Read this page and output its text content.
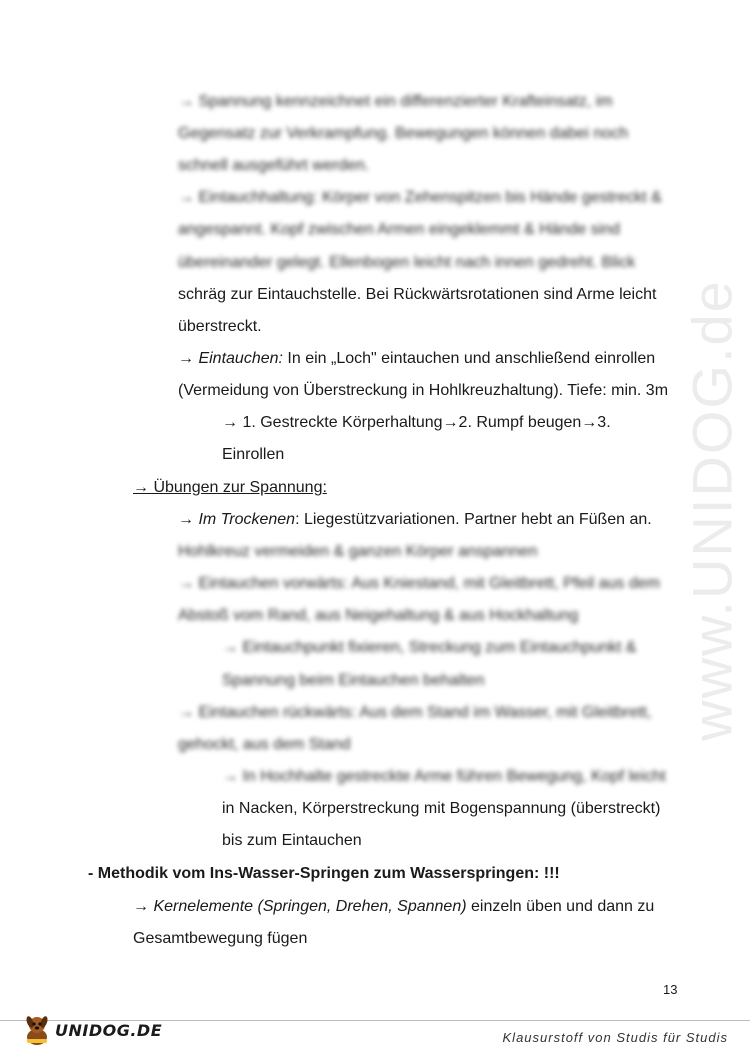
www.UNIDOG.de
→ Spannung kennzeichnet ein differenzierter Krafteinsatz, im
Gegensatz zur Verkrampfung. Bewegungen können dabei noch
schnell ausgeführt werden.
→ Eintauchhaltung: Körper von Zehenspitzen bis Hände gestreckt &
angespannt. Kopf zwischen Armen eingeklemmt & Hände sind
übereinander gelegt. Ellenbogen leicht nach innen gedreht. Blick
schräg zur Eintauchstelle. Bei Rückwärtsrotationen sind Arme leicht
überstreckt.
→ Eintauchen: In ein „Loch" eintauchen und anschließend einrollen
(Vermeidung von Überstreckung in Hohlkreuzhaltung). Tiefe: min. 3m
→ 1. Gestreckte Körperhaltung→2. Rumpf beugen→3.
Einrollen
→ Übungen zur Spannung:
→ Im Trockenen: Liegestützvariationen. Partner hebt an Füßen an.
Hohlkreuz vermeiden & ganzen Körper anspannen
→ Eintauchen vorwärts: Aus Kniestand, mit Gleitbrett, Pfeil aus dem
Abstoß vom Rand, aus Neigehaltung & aus Hockhaltung
→ Eintauchpunkt fixieren, Streckung zum Eintauchpunkt &
Spannung beim Eintauchen behalten
→ Eintauchen rückwärts: Aus dem Stand im Wasser, mit Gleitbrett,
gehockt, aus dem Stand
→ In Hochhalte gestreckte Arme führen Bewegung, Kopf leicht
in Nacken, Körperstreckung mit Bogenspannung (überstreckt)
bis zum Eintauchen
- Methodik vom Ins-Wasser-Springen zum Wasserspringen: !!!
→ Kernelemente (Springen, Drehen, Spannen) einzeln üben und dann zu
Gesamtbewegung fügen
13
UNIDOG.DE	Klausurstoff von Studis für Studis
